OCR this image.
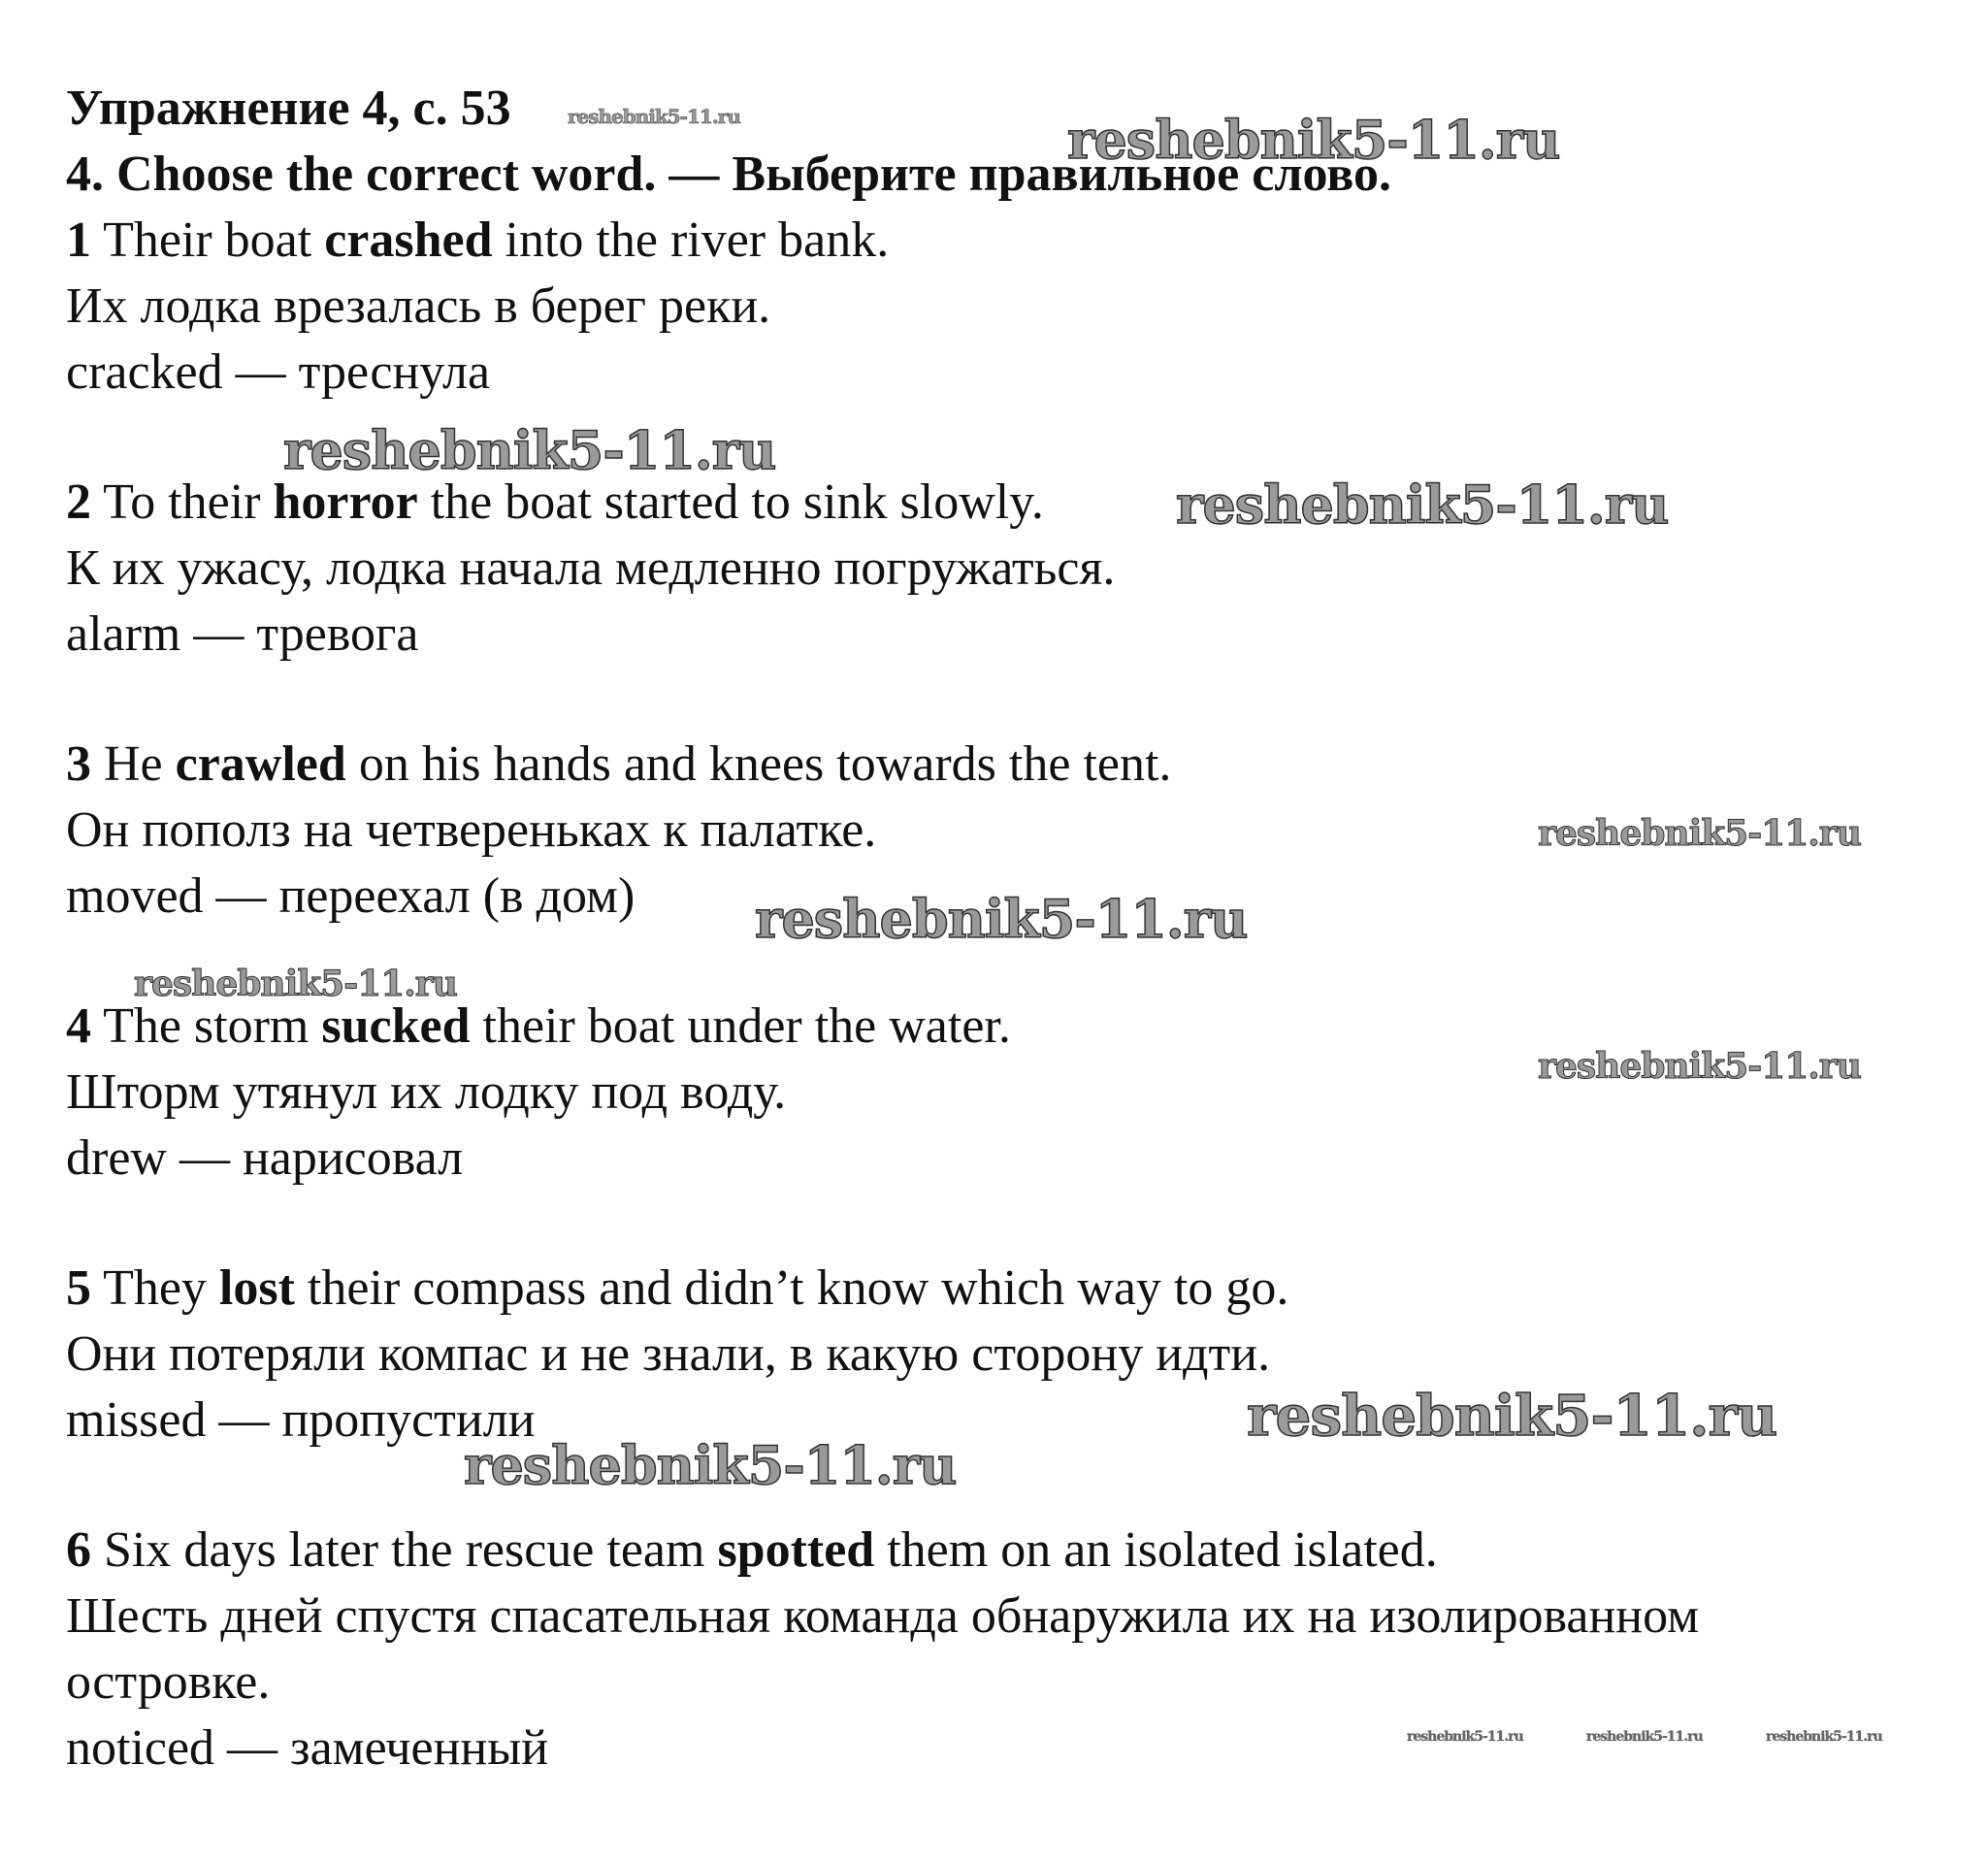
Упражнение 4, с. 53
4. Choose the correct word. — Выберите правильное слово.
1 Their boat crashed into the river bank.
Их лодка врезалась в берег реки.
cracked — треснула
2 To their horror the boat started to sink slowly.
К их ужасу, лодка начала медленно погружаться.
alarm — тревога
3 He crawled on his hands and knees towards the tent.
Он пополз на четвереньках к палатке.
moved — переехал (в дом)
4 The storm sucked their boat under the water.
Шторм утянул их лодку под воду.
drew — нарисовал
5 They lost their compass and didn’t know which way to go.
Они потеряли компас и не знали, в какую сторону идти.
missed — пропустили
6 Six days later the rescue team spotted them on an isolated islated.
Шесть дней спустя спасательная команда обнаружила их на изолированном
островке.
noticed — замеченный
reshebnik5-11.ru	reshebnik5-11.ru
reshebnik5-11.ru
reshebnik5-11.ru
reshebnik5-11.ru
reshebnik5-11.ru
reshebnik5-11.ru
reshebnik5-11.ru
reshebnik5-11.ru
reshebnik5-11.ru
reshebnik5-11.ru	reshebnik5-11.ru	reshebnik5-11.ru
